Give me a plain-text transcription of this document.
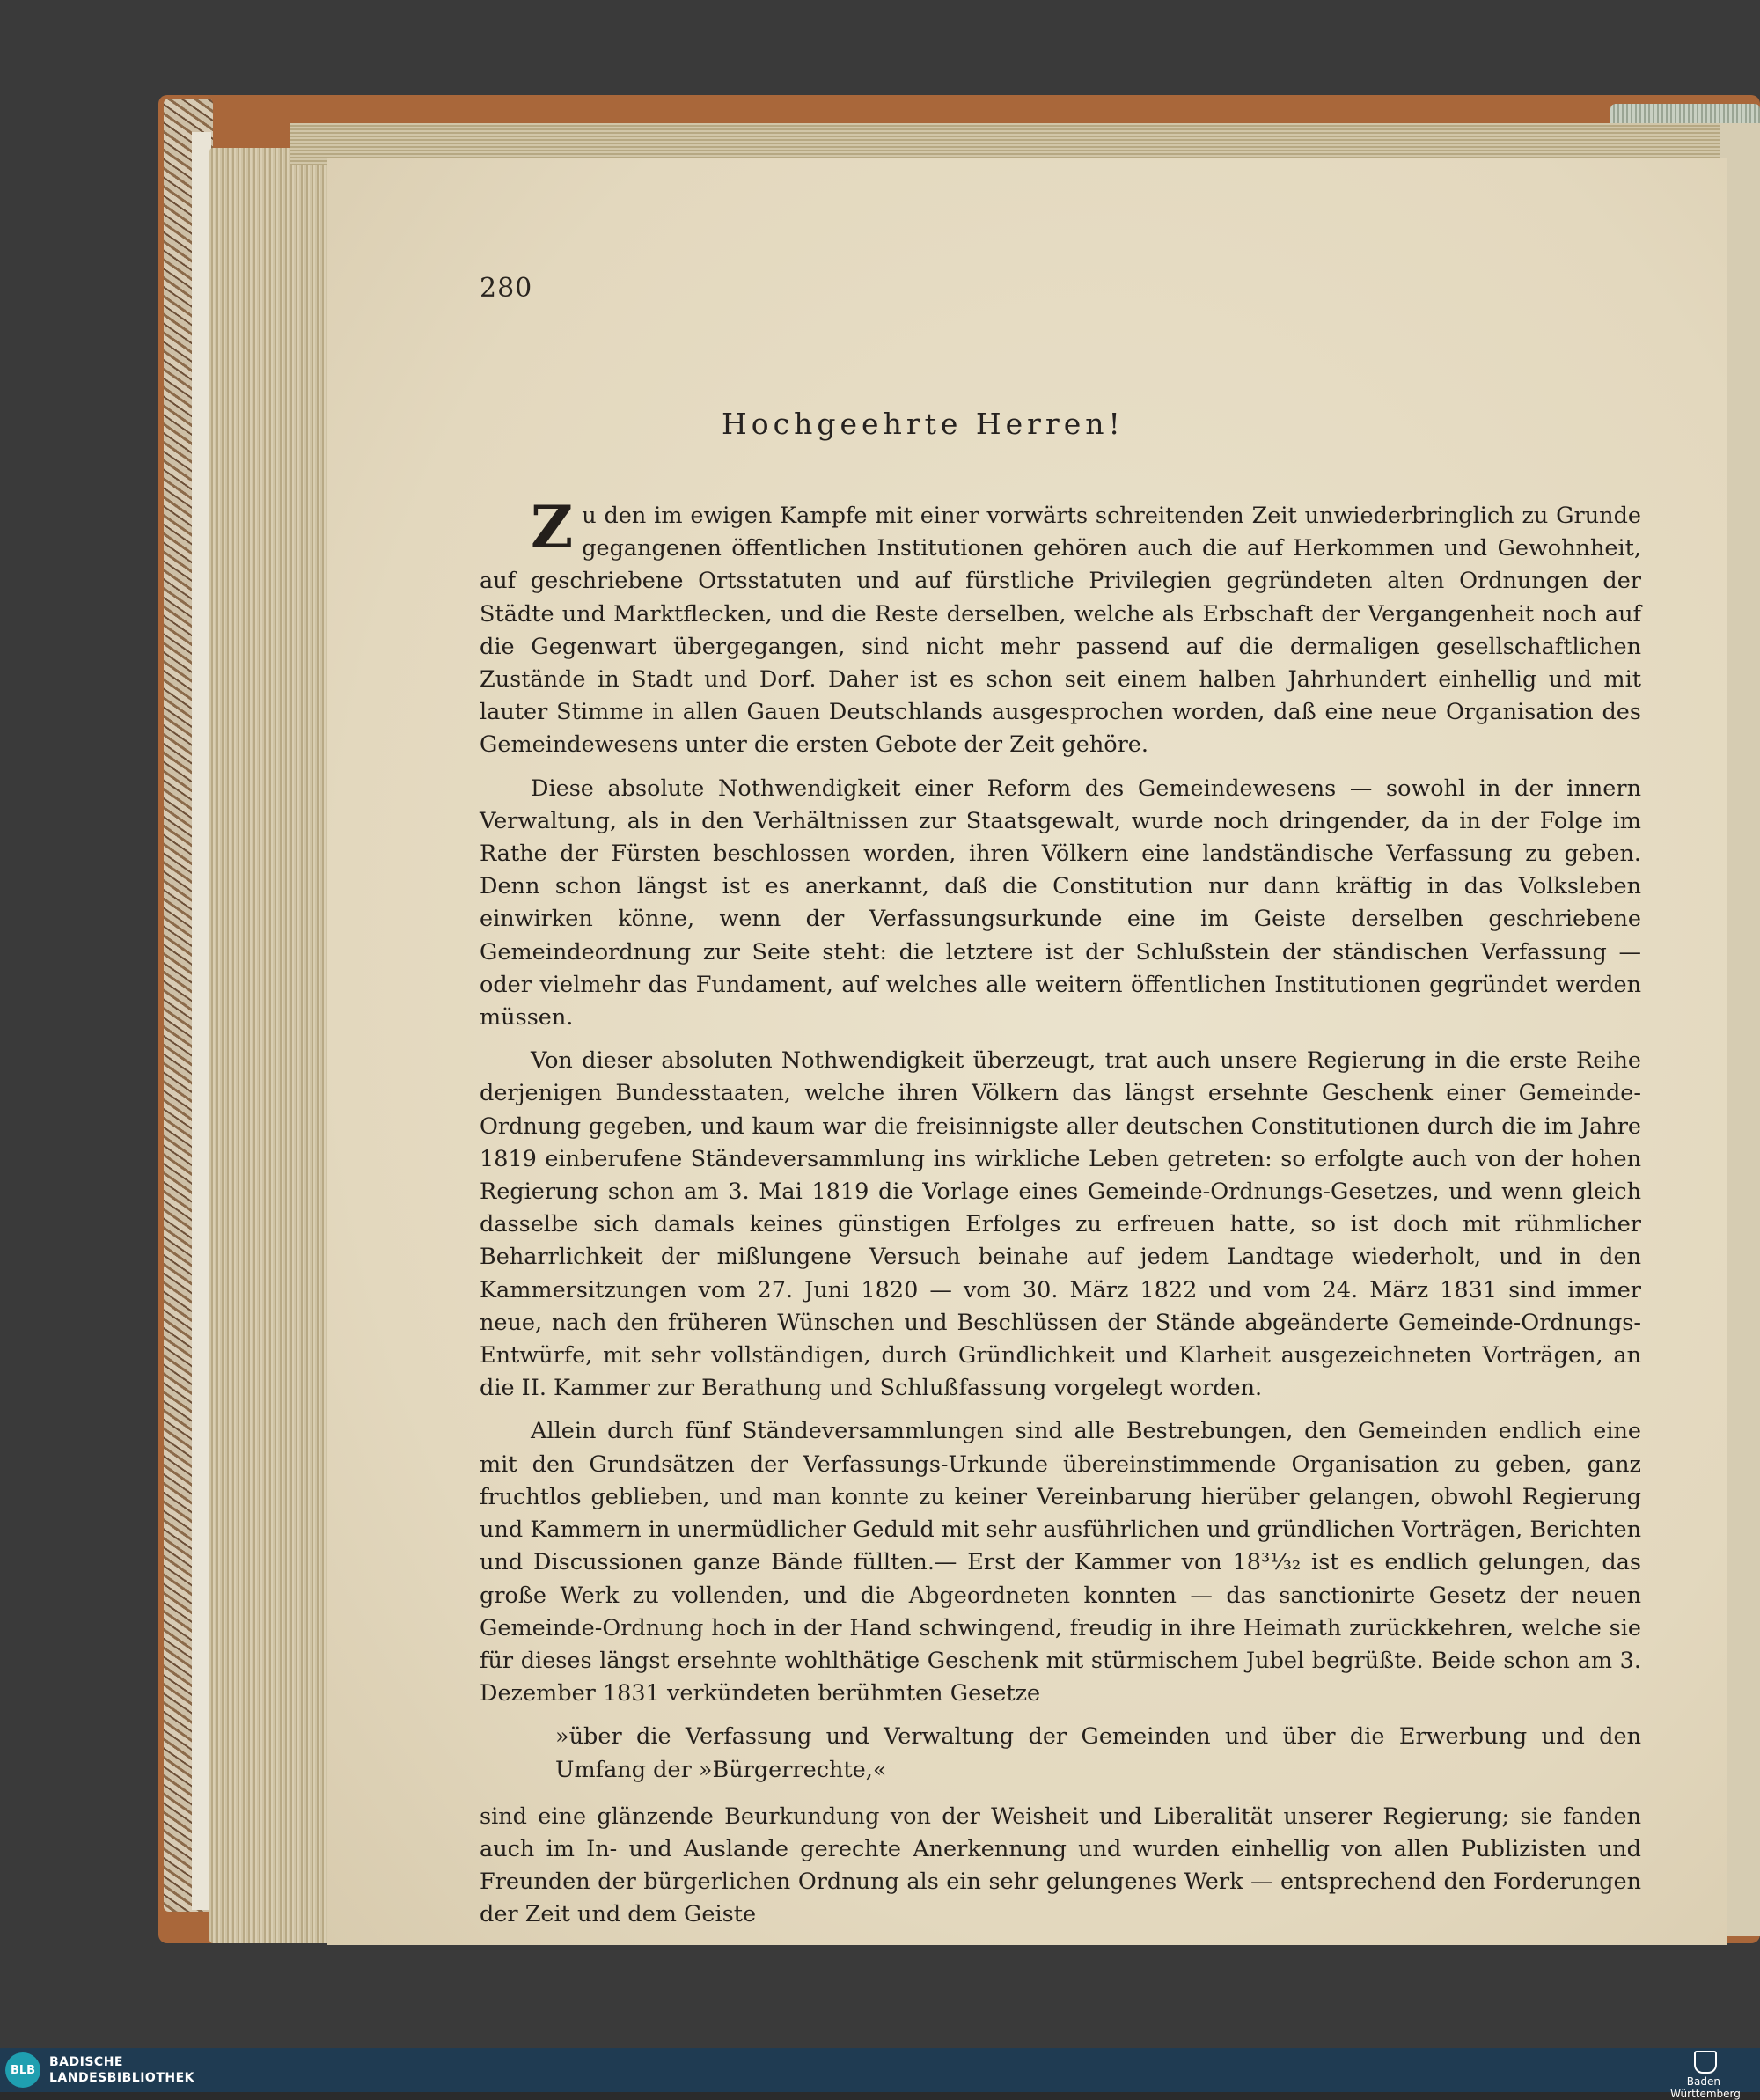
280
Hochgeehrte Herren!

Zu den im ewigen Kampfe mit einer vorwärts schreitenden Zeit unwiederbringlich zu Grunde gegangenen öffentlichen Institutionen gehören auch die auf Herkommen und Gewohnheit, auf geschriebene Ortsstatuten und auf fürstliche Privilegien gegründeten alten Ordnungen der Städte und Marktflecken, und die Reste derselben, welche als Erbschaft der Vergangenheit noch auf die Gegenwart übergegangen, sind nicht mehr passend auf die dermaligen gesellschaftlichen Zustände in Stadt und Dorf. Daher ist es schon seit einem halben Jahrhundert einhellig und mit lauter Stimme in allen Gauen Deutschlands ausgesprochen worden, daß eine neue Organisation des Gemeindewesens unter die ersten Gebote der Zeit gehöre.

Diese absolute Nothwendigkeit einer Reform des Gemeindewesens — sowohl in der innern Verwaltung, als in den Verhältnissen zur Staatsgewalt, wurde noch dringender, da in der Folge im Rathe der Fürsten beschlossen worden, ihren Völkern eine landständische Verfassung zu geben. Denn schon längst ist es anerkannt, daß die Constitution nur dann kräftig in das Volksleben einwirken könne, wenn der Verfassungsurkunde eine im Geiste derselben geschriebene Gemeindeordnung zur Seite steht: die letztere ist der Schlußstein der ständischen Verfassung — oder vielmehr das Fundament, auf welches alle weitern öffentlichen Institutionen gegründet werden müssen.

Von dieser absoluten Nothwendigkeit überzeugt, trat auch unsere Regierung in die erste Reihe derjenigen Bundesstaaten, welche ihren Völkern das längst ersehnte Geschenk einer Gemeinde-Ordnung gegeben, und kaum war die freisinnigste aller deutschen Constitutionen durch die im Jahre 1819 einberufene Ständeversammlung ins wirkliche Leben getreten: so erfolgte auch von der hohen Regierung schon am 3. Mai 1819 die Vorlage eines Gemeinde-Ordnungs-Gesetzes, und wenn gleich dasselbe sich damals keines günstigen Erfolges zu erfreuen hatte, so ist doch mit rühmlicher Beharrlichkeit der mißlungene Versuch beinahe auf jedem Landtage wiederholt, und in den Kammersitzungen vom 27. Juni 1820 — vom 30. März 1822 und vom 24. März 1831 sind immer neue, nach den früheren Wünschen und Beschlüssen der Stände abgeänderte Gemeinde-Ordnungs-Entwürfe, mit sehr vollständigen, durch Gründlichkeit und Klarheit ausgezeichneten Vorträgen, an die II. Kammer zur Berathung und Schlußfassung vorgelegt worden.

Allein durch fünf Ständeversammlungen sind alle Bestrebungen, den Gemeinden endlich eine mit den Grundsätzen der Verfassungs-Urkunde übereinstimmende Organisation zu geben, ganz fruchtlos geblieben, und man konnte zu keiner Vereinbarung hierüber gelangen, obwohl Regierung und Kammern in unermüdlicher Geduld mit sehr ausführlichen und gründlichen Vorträgen, Berichten und Discussionen ganze Bände füllten.— Erst der Kammer von 18³¹⁄₃₂ ist es endlich gelungen, das große Werk zu vollenden, und die Abgeordneten konnten — das sanctionirte Gesetz der neuen Gemeinde-Ordnung hoch in der Hand schwingend, freudig in ihre Heimath zurückkehren, welche sie für dieses längst ersehnte wohlthätige Geschenk mit stürmischem Jubel begrüßte. Beide schon am 3. Dezember 1831 verkündeten berühmten Gesetze

»über die Verfassung und Verwaltung der Gemeinden und über die Erwerbung und den Umfang der »Bürgerrechte,«

sind eine glänzende Beurkundung von der Weisheit und Liberalität unserer Regierung; sie fanden auch im In- und Auslande gerechte Anerkennung und wurden einhellig von allen Publizisten und Freunden der bürgerlichen Ordnung als ein sehr gelungenes Werk — entsprechend den Forderungen der Zeit und dem Geiste

BLB
BADISCHE
LANDESBIBLIOTHEK	Baden-Württemberg
